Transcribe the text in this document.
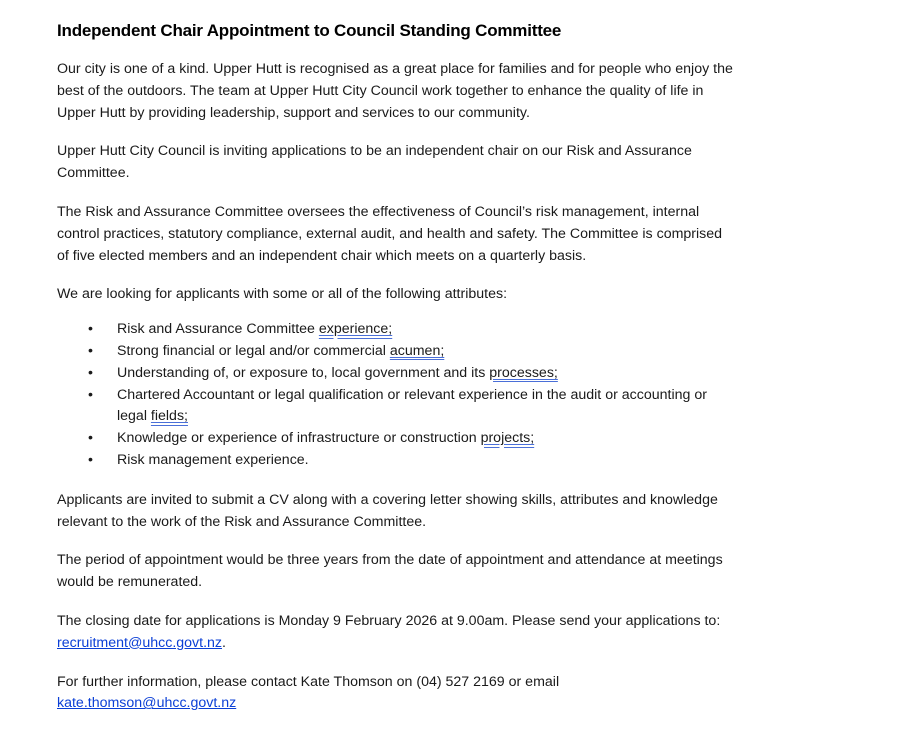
Independent Chair Appointment to Council Standing Committee
Our city is one of a kind. Upper Hutt is recognised as a great place for families and for people who enjoy the
best of the outdoors. The team at Upper Hutt City Council work together to enhance the quality of life in
Upper Hutt by providing leadership, support and services to our community.
Upper Hutt City Council is inviting applications to be an independent chair on our Risk and Assurance
Committee.
The Risk and Assurance Committee oversees the effectiveness of Council’s risk management, internal
control practices, statutory compliance, external audit, and health and safety. The Committee is comprised
of five elected members and an independent chair which meets on a quarterly basis.
We are looking for applicants with some or all of the following attributes:
• Risk and Assurance Committee experience;
• Strong financial or legal and/or commercial acumen;
• Understanding of, or exposure to, local government and its processes;
• Chartered Accountant or legal qualification or relevant experience in the audit or accounting or
legal fields;
• Knowledge or experience of infrastructure or construction projects;
• Risk management experience.
Applicants are invited to submit a CV along with a covering letter showing skills, attributes and knowledge
relevant to the work of the Risk and Assurance Committee.
The period of appointment would be three years from the date of appointment and attendance at meetings
would be remunerated.
The closing date for applications is Monday 9 February 2026 at 9.00am. Please send your applications to:
recruitment@uhcc.govt.nz.
For further information, please contact Kate Thomson on (04) 527 2169 or email
kate.thomson@uhcc.govt.nz
